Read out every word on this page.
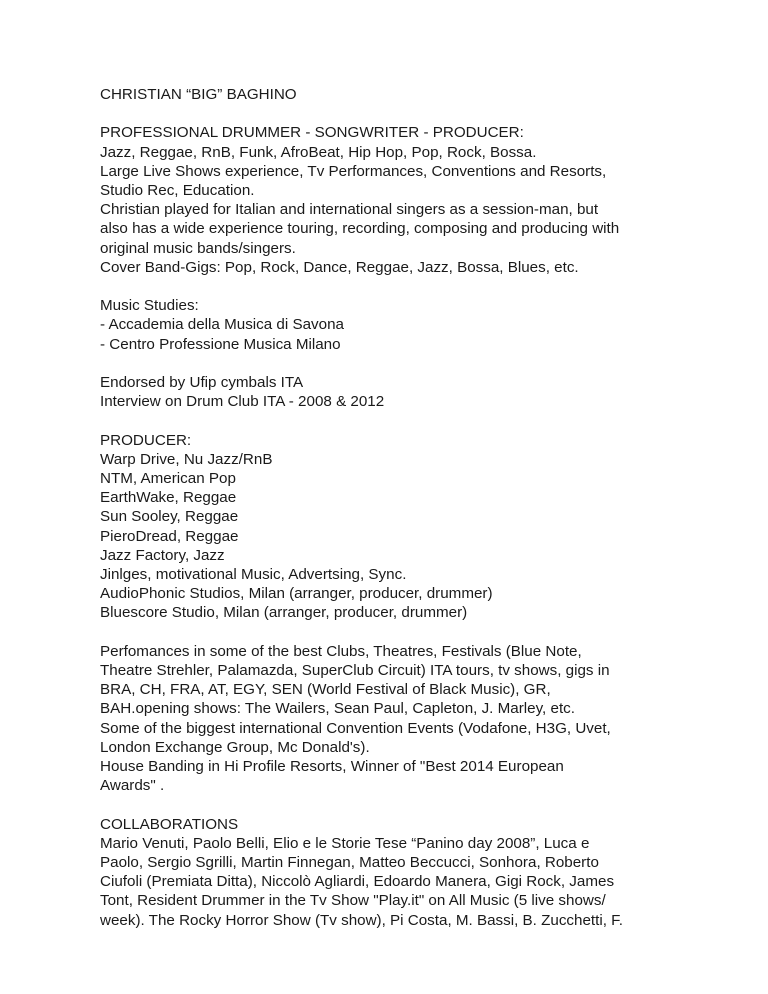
CHRISTIAN “BIG” BAGHINO
PROFESSIONAL DRUMMER - SONGWRITER - PRODUCER:
Jazz, Reggae, RnB, Funk, AfroBeat, Hip Hop, Pop, Rock, Bossa.
Large Live Shows experience, Tv Performances, Conventions and Resorts,
Studio Rec, Education.
Christian played for Italian and international singers as a session-man, but
also has a wide experience touring, recording, composing and producing with
original music bands/singers.
Cover Band-Gigs: Pop, Rock, Dance, Reggae, Jazz, Bossa, Blues, etc.
Music Studies:
- Accademia della Musica di Savona
- Centro Professione Musica Milano
Endorsed by Ufip cymbals ITA
Interview on Drum Club ITA - 2008 & 2012
PRODUCER:
Warp Drive, Nu Jazz/RnB
NTM, American Pop
EarthWake, Reggae
Sun Sooley, Reggae
PieroDread, Reggae
Jazz Factory, Jazz
Jinlges, motivational Music, Advertsing, Sync.
AudioPhonic Studios, Milan (arranger, producer, drummer)
Bluescore Studio, Milan (arranger, producer, drummer)
Perfomances in some of the best Clubs, Theatres, Festivals (Blue Note,
Theatre Strehler, Palamazda, SuperClub Circuit) ITA tours, tv shows, gigs in
BRA, CH, FRA, AT, EGY, SEN (World Festival of Black Music), GR,
BAH.opening shows: The Wailers, Sean Paul, Capleton, J. Marley, etc.
Some of the biggest international Convention Events (Vodafone, H3G, Uvet,
London Exchange Group, Mc Donald's).
House Banding in Hi Profile Resorts, Winner of "Best 2014 European
Awards" .
COLLABORATIONS
Mario Venuti, Paolo Belli, Elio e le Storie Tese “Panino day 2008”, Luca e
Paolo, Sergio Sgrilli, Martin Finnegan, Matteo Beccucci, Sonhora, Roberto
Ciufoli (Premiata Ditta), Niccolò Agliardi, Edoardo Manera, Gigi Rock, James
Tont, Resident Drummer in the Tv Show "Play.it" on All Music (5 live shows/
week). The Rocky Horror Show (Tv show), Pi Costa, M. Bassi, B. Zucchetti, F.
